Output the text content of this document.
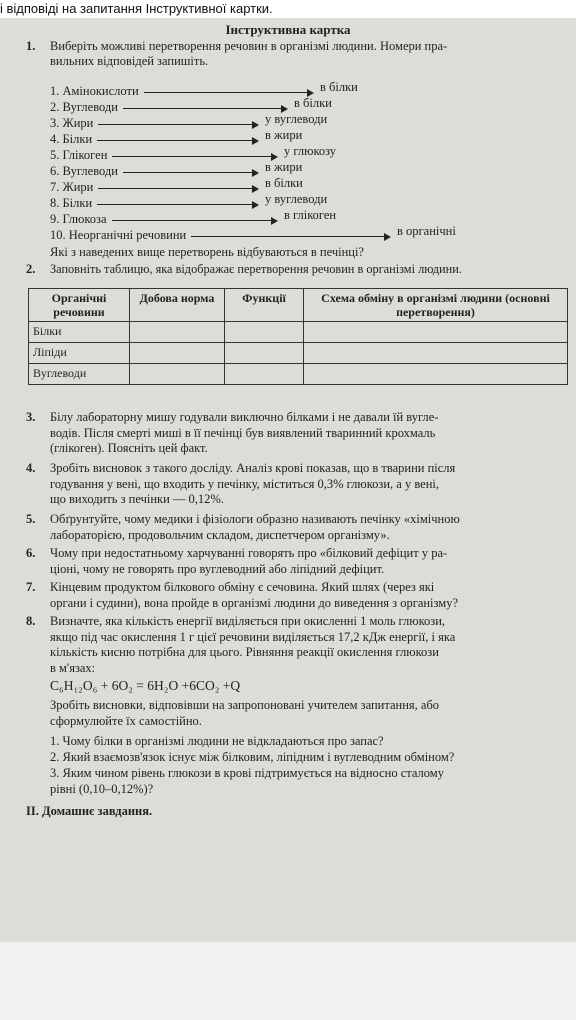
і відповіді на запитання Інструктивної картки.
Інструктивна картка
1. Виберіть можливі перетворення речовин в організмі людини. Номери пра-
вильних відповідей запишіть.
1. Амінокислоти	в білки
2. Вуглеводи	в білки
3. Жири	у вуглеводи
4. Білки	в жири
5. Глікоген	у глюкозу
6. Вуглеводи	в жири
7. Жири	в білки
8. Білки	у вуглеводи
9. Глюкоза	в глікоген
10. Неорганічні речовини	в органічні
Які з наведених вище перетворень відбуваються в печінці?
2. Заповніть таблицю, яка відображає перетворення речовин в організмі людини.
Органічні речовини	Добова норма	Функції	Схема обміну в організмі людини (основні перетворення)
Білки			
Ліпіди			
Вуглеводи			
3. Білу лабораторну мишу годували виключно білками і не давали їй вугле-
водів. Після смерті миші в її печінці був виявлений тваринний крохмаль
(глікоген). Поясніть цей факт.
4. Зробіть висновок з такого досліду. Аналіз крові показав, що в тварини після
годування у вені, що входить у печінку, міститься 0,3% глюкози, а у вені,
що виходить з печінки — 0,12%.
5. Обґрунтуйте, чому медики і фізіологи образно називають печінку «хімічною
лабораторією, продовольчим складом, диспетчером організму».
6. Чому при недостатньому харчуванні говорять про «білковий дефіцит у ра-
ціоні, чому не говорять про вуглеводний або ліпідний дефіцит.
7. Кінцевим продуктом білкового обміну є сечовина. Який шлях (через які
органи і судини), вона пройде в організмі людини до виведення з організму?
8. Визначте, яка кількість енергії виділяється при окисленні 1 моль глюкози,
якщо під час окислення 1 г цієї речовини виділяється 17,2 кДж енергії, і яка
кількість кисню потрібна для цього. Рівняння реакції окислення глюкози
в м'язах:
C₆H₁₂O₆ + 6O₂ = 6H₂O +6CO₂ +Q
Зробіть висновки, відповівши на запропоновані учителем запитання, або
сформулюйте їх самостійно.
1. Чому білки в організмі людини не відкладаються про запас?
2. Який взаємозв'язок існує між білковим, ліпідним і вуглеводним обміном?
3. Яким чином рівень глюкози в крові підтримується на відносно сталому
рівні (0,10–0,12%)?
II. Домашнє завдання.
